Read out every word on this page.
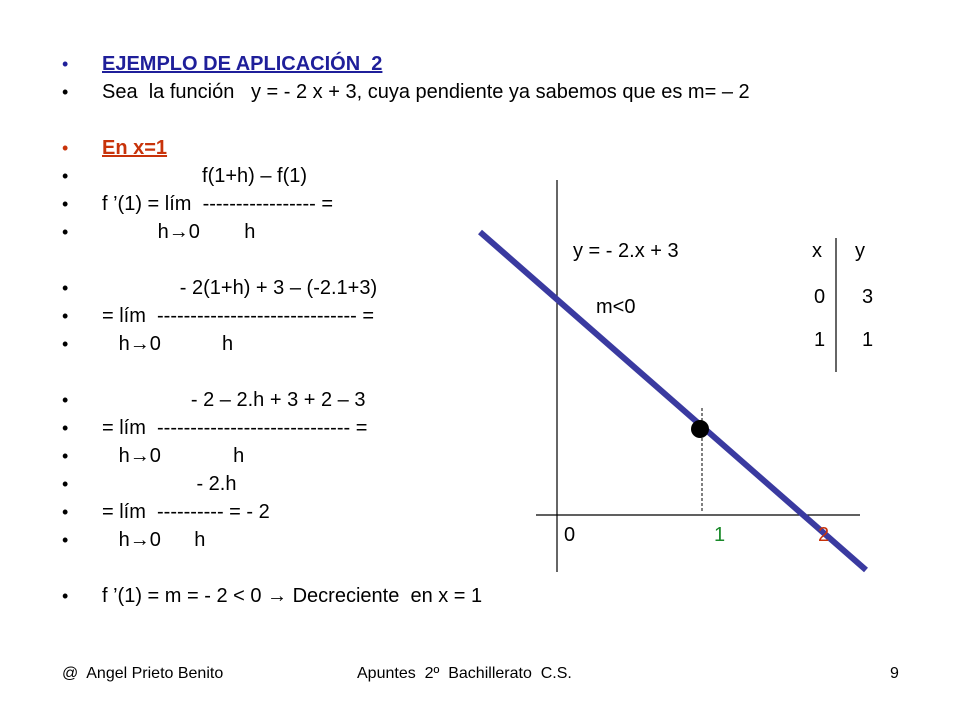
•	EJEMPLO DE APLICACIÓN  2
•	Sea  la función   y = - 2 x + 3, cuya pendiente ya sabemos que es m= – 2
•	En x=1
•	f(1+h) – f(1)
•	f ’(1) = lím  ----------------- =
•	h→0        h
•	- 2(1+h) + 3 – (-2.1+3)
•	= lím  ------------------------------ =
•	h→0           h
•	- 2 – 2.h + 3 + 2 – 3
•	= lím  ----------------------------- =
•	h→0             h
•	- 2.h
•	= lím  ---------- = - 2
•	h→0      h
•	f ’(1) = m = - 2 < 0 → Decreciente  en x = 1
y = - 2.x + 3
m<0
x y
0 3
1 1
0	1	2
@  Angel Prieto Benito	Apuntes  2º  Bachillerato  C.S.	9
